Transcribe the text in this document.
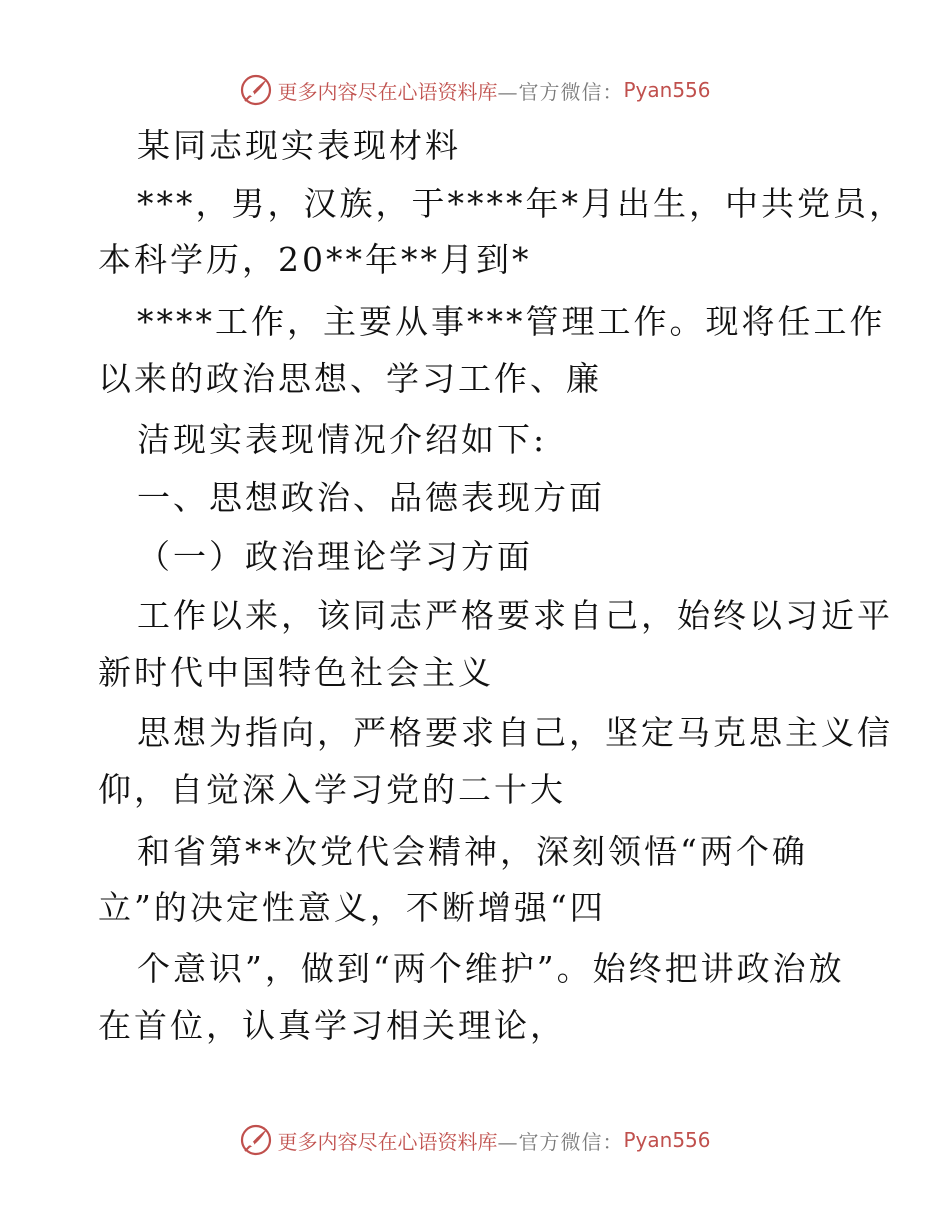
更多内容尽在心语资料库 —官方微信： Pyan556
某同志现实表现材料
***，男，汉族，于****年*月出生，中共党员，
本科学历，20**年**月到*
****工作，主要从事***管理工作。现将任工作
以来的政治思想、学习工作、廉
洁现实表现情况介绍如下:
一、思想政治、品德表现方面
（一）政治理论学习方面
工作以来，该同志严格要求自己，始终以习近平
新时代中国特色社会主义
思想为指向，严格要求自己，坚定马克思主义信
仰，自觉深入学习党的二十大
和省第**次党代会精神，深刻领悟“两个确
立”的决定性意义，不断增强“四
个意识”，做到“两个维护”。始终把讲政治放
在首位，认真学习相关理论，
更多内容尽在心语资料库 —官方微信： Pyan556
